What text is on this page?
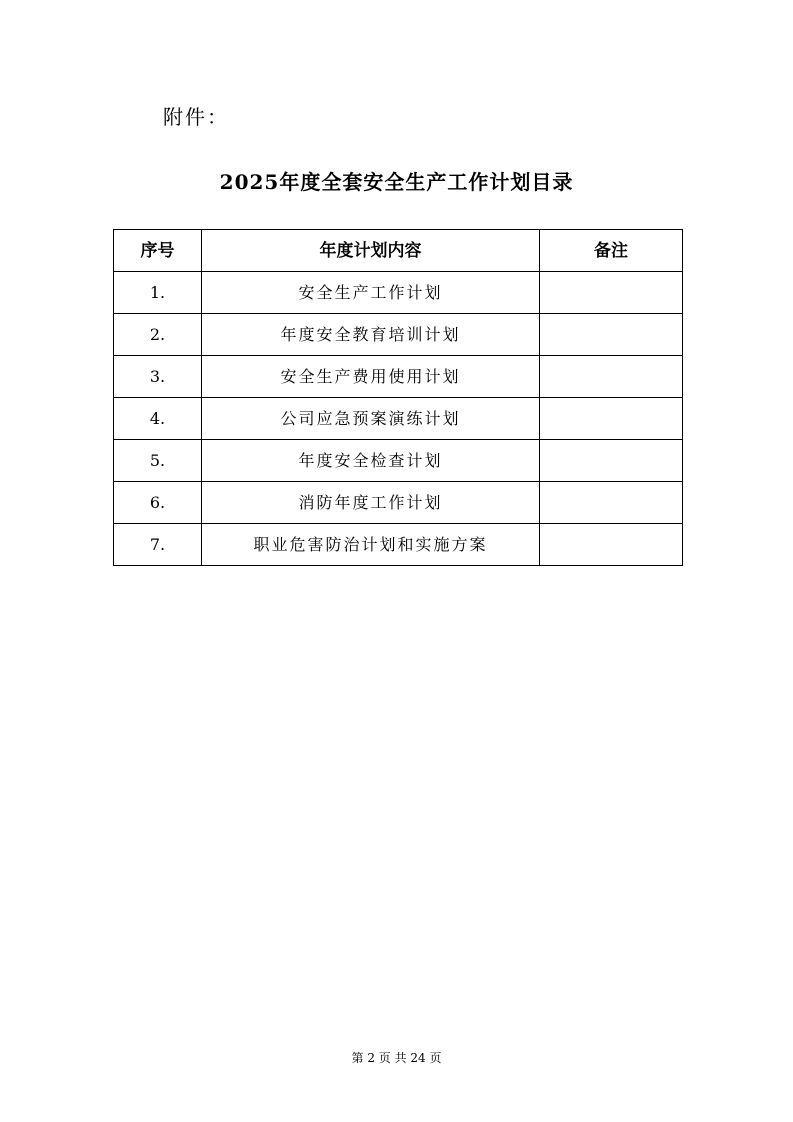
附件：
2025年度全套安全生产工作计划目录
序号	年度计划内容	备注
1.	安全生产工作计划	
2.	年度安全教育培训计划	
3.	安全生产费用使用计划	
4.	公司应急预案演练计划	
5.	年度安全检查计划	
6.	消防年度工作计划	
7.	职业危害防治计划和实施方案	
第 2 页 共 24 页
